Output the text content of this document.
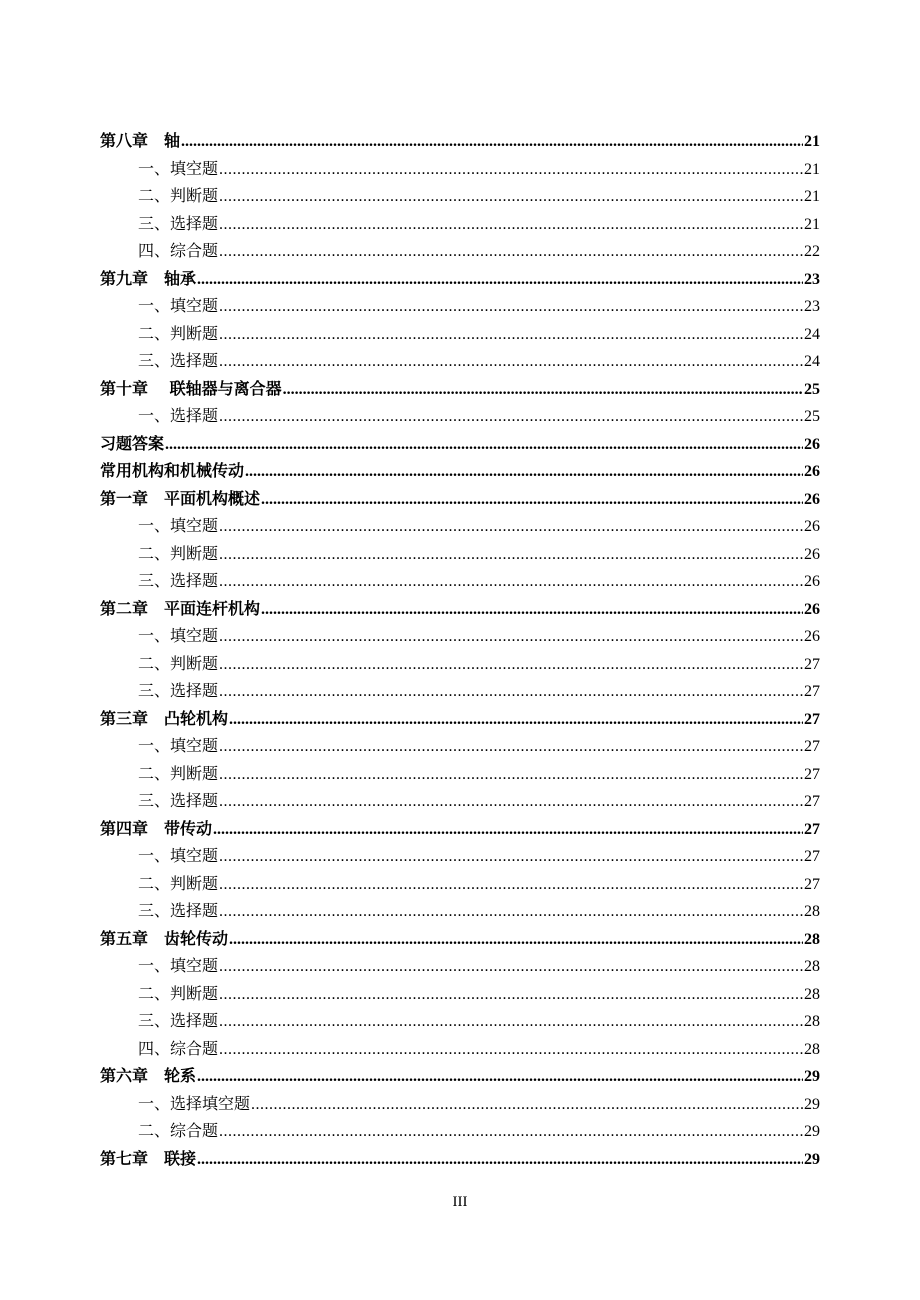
第八章　轴 .....	21
一、填空题 .....	21
二、判断题 .....	21
三、选择题 .....	21
四、综合题 .....	22
第九章　轴承 .....	23
一、填空题 .....	23
二、判断题 .....	24
三、选择题 .....	24
第十章　 联轴器与离合器 .....	25
一、选择题 .....	25
习题答案 .....	26
常用机构和机械传动 .....	26
第一章　平面机构概述 .....	26
一、填空题 .....	26
二、判断题 .....	26
三、选择题 .....	26
第二章　平面连杆机构 .....	26
一、填空题 .....	26
二、判断题 .....	27
三、选择题 .....	27
第三章　凸轮机构 .....	27
一、填空题 .....	27
二、判断题 .....	27
三、选择题 .....	27
第四章　带传动 .....	27
一、填空题 .....	27
二、判断题 .....	27
三、选择题 .....	28
第五章　齿轮传动 .....	28
一、填空题 .....	28
二、判断题 .....	28
三、选择题 .....	28
四、综合题 .....	28
第六章　轮系 .....	29
一、选择填空题 .....	29
二、综合题 .....	29
第七章　联接 .....	29
III
